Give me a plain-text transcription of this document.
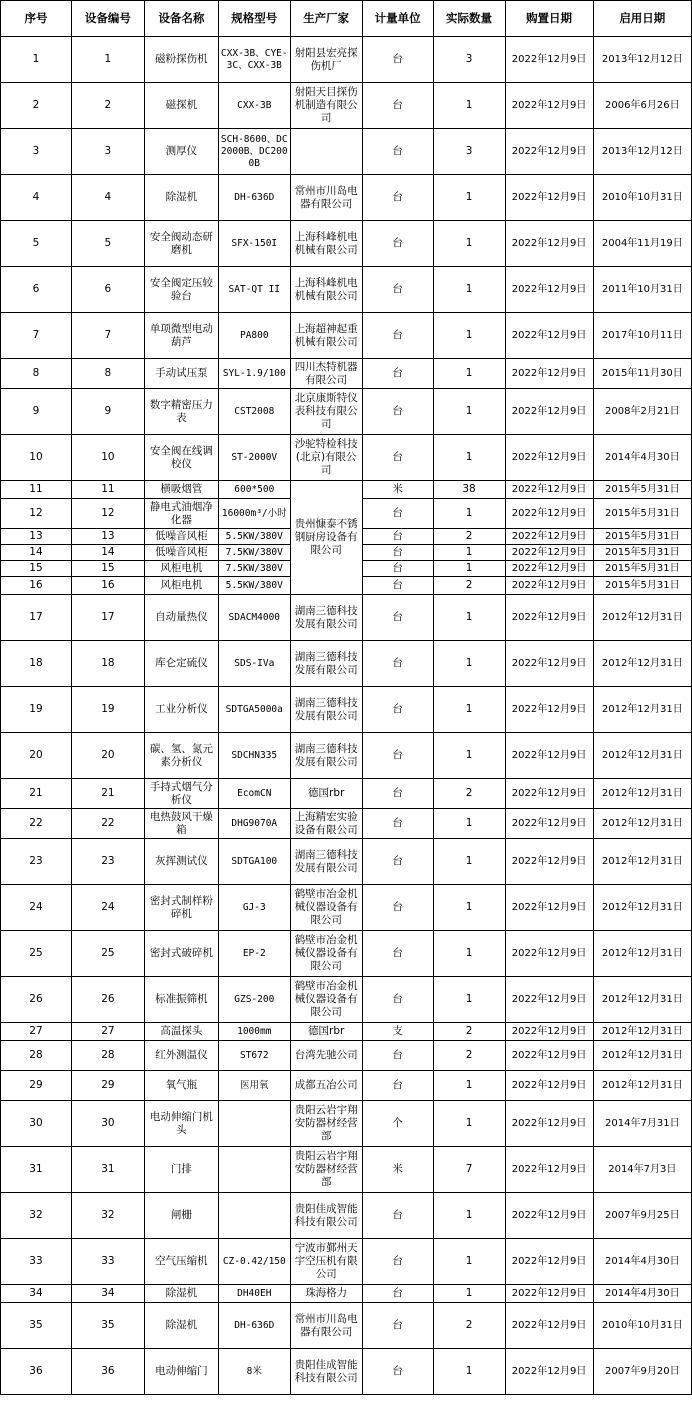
序号	设备编号	设备名称	规格型号	生产厂家	计量单位	实际数量	购置日期	启用日期
1	1	磁粉探伤机	CXX-3B、CYE-3C、CXX-3B	射阳县宏亮探伤机厂	台	3	2022年12月9日	2013年12月12日
2	2	磁探机	CXX-3B	射阳天目探伤机制造有限公司	台	1	2022年12月9日	2006年6月26日
3	3	测厚仪	SCH-8600、DC2000B、DC2000B		台	3	2022年12月9日	2013年12月12日
4	4	除湿机	DH-636D	常州市川岛电器有限公司	台	1	2022年12月9日	2010年10月31日
5	5	安全阀动态研磨机	SFX-150I	上海科峰机电机械有限公司	台	1	2022年12月9日	2004年11月19日
6	6	安全阀定压较验台	SAT-QT II	上海科峰机电机械有限公司	台	1	2022年12月9日	2011年10月31日
7	7	单项微型电动葫芦	PA800	上海超神起重机械有限公司	台	1	2022年12月9日	2017年10月11日
8	8	手动试压泵	SYL-1.9/100	四川杰特机器有限公司	台	1	2022年12月9日	2015年11月30日
9	9	数字精密压力表	CST2008	北京康斯特仪表科技有限公司	台	1	2022年12月9日	2008年2月21日
10	10	安全阀在线调校仪	ST-2000V	沙驼特检科技(北京)有限公司	台	1	2022年12月9日	2014年4月30日
11	11	横吸烟管	600*500	贵州慷泰不锈钢厨房设备有限公司	米	38	2022年12月9日	2015年5月31日
12	12	静电式油烟净化器	16000m³/小时		台	1	2022年12月9日	2015年5月31日
13	13	低噪音风柜	5.5KW/380V		台	2	2022年12月9日	2015年5月31日
14	14	低噪音风柜	7.5KW/380V		台	1	2022年12月9日	2015年5月31日
15	15	风柜电机	7.5KW/380V		台	1	2022年12月9日	2015年5月31日
16	16	风柜电机	5.5KW/380V		台	2	2022年12月9日	2015年5月31日
17	17	自动量热仪	SDACM4000	湖南三德科技发展有限公司	台	1	2022年12月9日	2012年12月31日
18	18	库仑定硫仪	SDS-IVa	湖南三德科技发展有限公司	台	1	2022年12月9日	2012年12月31日
19	19	工业分析仪	SDTGA5000a	湖南三德科技发展有限公司	台	1	2022年12月9日	2012年12月31日
20	20	碳、氢、氮元素分析仪	SDCHN335	湖南三德科技发展有限公司	台	1	2022年12月9日	2012年12月31日
21	21	手持式烟气分析仪	EcomCN	德国rbr	台	2	2022年12月9日	2012年12月31日
22	22	电热鼓风干燥箱	DHG9070A	上海精宏实验设备有限公司	台	1	2022年12月9日	2012年12月31日
23	23	灰挥测试仪	SDTGA100	湖南三德科技发展有限公司	台	1	2022年12月9日	2012年12月31日
24	24	密封式制样粉碎机	GJ-3	鹤壁市冶金机械仪器设备有限公司	台	1	2022年12月9日	2012年12月31日
25	25	密封式破碎机	EP-2	鹤壁市冶金机械仪器设备有限公司	台	1	2022年12月9日	2012年12月31日
26	26	标准振筛机	GZS-200	鹤壁市冶金机械仪器设备有限公司	台	1	2022年12月9日	2012年12月31日
27	27	高温探头	1000mm	德国rbr	支	2	2022年12月9日	2012年12月31日
28	28	红外测温仪	ST672	台湾先驰公司	台	2	2022年12月9日	2012年12月31日
29	29	氧气瓶	医用氧	成都五冶公司	台	1	2022年12月9日	2012年12月31日
30	30	电动伸缩门机头		贵阳云岩宇翔安防器材经营部	个	1	2022年12月9日	2014年7月31日
31	31	门排		贵阳云岩宇翔安防器材经营部	米	7	2022年12月9日	2014年7月3日
32	32	闸栅		贵阳佳成智能科技有限公司	台	1	2022年12月9日	2007年9月25日
33	33	空气压缩机	CZ-0.42/150	宁波市鄞州天宇空压机有限公司	台	1	2022年12月9日	2014年4月30日
34	34	除湿机	DH40EH	珠海格力	台	1	2022年12月9日	2014年4月30日
35	35	除湿机	DH-636D	常州市川岛电器有限公司	台	2	2022年12月9日	2010年10月31日
36	36	电动伸缩门	8米	贵阳佳成智能科技有限公司	台	1	2022年12月9日	2007年9月20日
